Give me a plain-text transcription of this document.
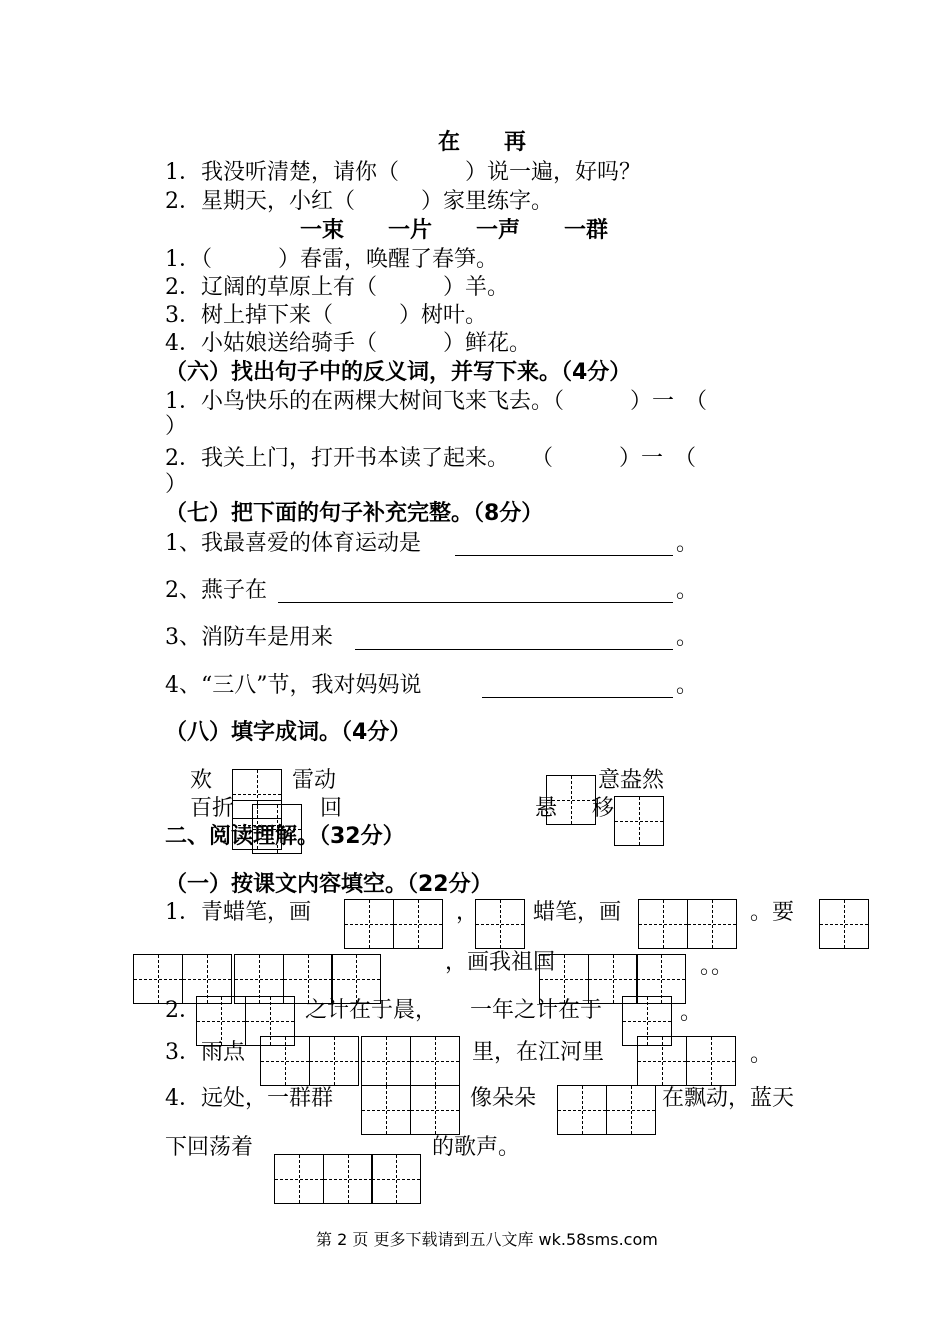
在　　再
1．我没听清楚，请你（　　　）说一遍，好吗？
2．星期天，小红（　　　）家里练字。
一束　　一片　　一声　　一群
1．（　　　）春雷，唤醒了春笋。
2．辽阔的草原上有（　　　）羊。
3．树上掉下来（　　　）树叶。
4．小姑娘送给骑手（　　　）鲜花。
（六）找出句子中的反义词，并写下来。（4分）
1．小鸟快乐的在两棵大树间飞来飞去。（　　　）一　（
）
2．我关上门，打开书本读了起来。　　（　　　）一　（
）
（七）把下面的句子补充完整。（8分）
1、我最喜爱的体育运动是	。
2、燕子在	。
3、消防车是用来	。
4、“三八”节，我对妈妈说	。
（八）填字成词。（4分）
欢	雷动
百折	回
意盎然
悬 移
二、阅读理解。（32分）
（一）按课文内容填空。（22分）
1．青蜡笔，画	， 蜡笔，画	。要
，画我祖国	。。
2．	之计在于晨， 一年之计在于	。
3．雨点	里，在江河里	。
4．远处，一群群	像朵朵	在飘动，蓝天
下回荡着	的歌声。
第 2 页 更多下载请到五八文库 wk.58sms.com
